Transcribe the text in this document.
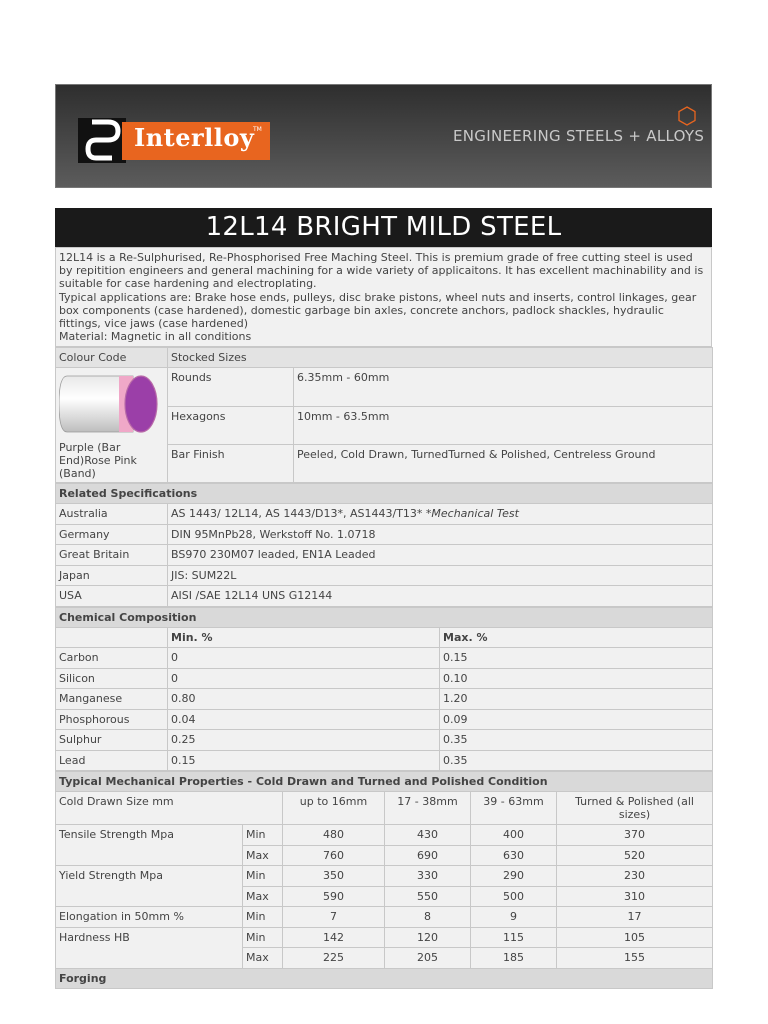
Interlloy
TM	ENGINEERING STEELS + ALLOYS
12L14 BRIGHT MILD STEEL
12L14 is a Re-Sulphurised, Re-Phosphorised Free Maching Steel. This is premium grade of free cutting steel is used by repitition engineers and general machining for a wide variety of applicaitons. It has excellent machinability and is suitable for case hardening and electroplating.
Typical applications are: Brake hose ends, pulleys, disc brake pistons, wheel nuts and inserts, control linkages, gear box components (case hardened), domestic garbage bin axles, concrete anchors, padlock shackles, hydraulic fittings, vice jaws (case hardened)
Material: Magnetic in all conditions
Colour Code	Stocked Sizes	

Purple (Bar End)Rose Pink (Band)	Rounds	6.35mm - 60mm
	Hexagons	10mm - 63.5mm
	Bar Finish	Peeled, Cold Drawn, TurnedTurned & Polished, Centreless Ground
Related Specifications	
Australia	AS 1443/ 12L14, AS 1443/D13*, AS1443/T13* *Mechanical Test
Germany	DIN 95MnPb28, Werkstoff No. 1.0718
Great Britain	BS970 230M07 leaded, EN1A Leaded
Japan	JIS: SUM22L
USA	AISI /SAE 12L14 UNS G12144
Chemical Composition		
	Min. %	Max. %
Carbon	0	0.15
Silicon	0	0.10
Manganese	0.80	1.20
Phosphorous	0.04	0.09
Sulphur	0.25	0.35
Lead	0.15	0.35
Typical Mechanical Properties - Cold Drawn and Turned and Polished Condition					
Cold Drawn Size mm		up to 16mm	17 - 38mm	39 - 63mm	Turned & Polished (all sizes)
Tensile Strength Mpa	Min	480	430	400	370
	Max	760	690	630	520
Yield Strength Mpa	Min	350	330	290	230
	Max	590	550	500	310
Elongation in 50mm %	Min	7	8	9	17
Hardness HB	Min	142	120	115	105
	Max	225	205	185	155
Forging					
